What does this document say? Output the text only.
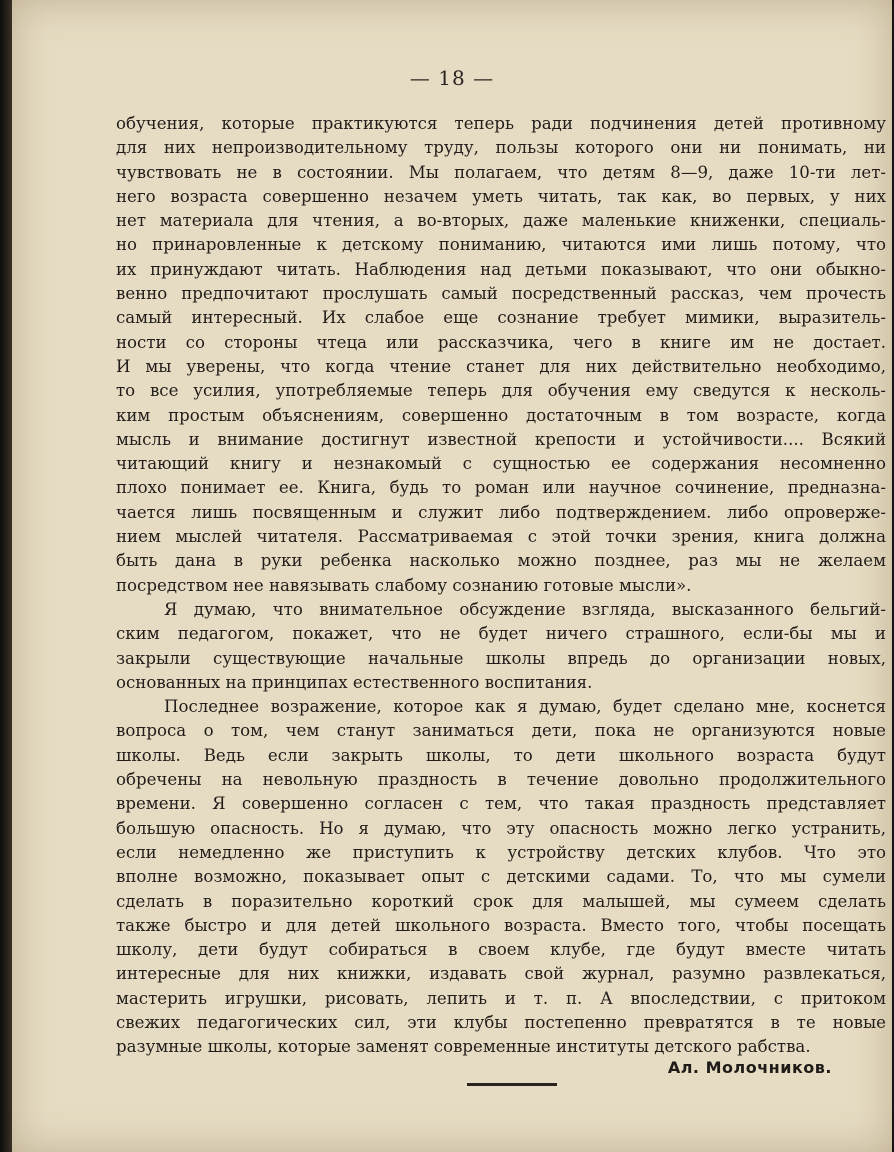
— 18 —
обучения, которые практикуются теперь ради подчинения детей противному
для них непроизводительному труду, пользы которого они ни понимать, ни
чувствовать не в состоянии. Мы полагаем, что детям 8—9, даже 10-ти лет-
него возраста совершенно незачем уметь читать, так как, во первых, у них
нет материала для чтения, а во-вторых, даже маленькие книженки, специаль-
но принаровленные к детскому пониманию, читаются ими лишь потому, что
их принуждают читать. Наблюдения над детьми показывают, что они обыкно-
венно предпочитают прослушать самый посредственный рассказ, чем прочесть
самый интересный. Их слабое еще сознание требует мимики, выразитель-
ности со стороны чтеца или рассказчика, чего в книге им не достает.
И мы уверены, что когда чтение станет для них действительно необходимо,
то все усилия, употребляемые теперь для обучения ему сведутся к несколь-
ким простым объяснениям, совершенно достаточным в том возрасте, когда
мысль и внимание достигнут известной крепости и устойчивости.... Всякий
читающий книгу и незнакомый с сущностью ее содержания несомненно
плохо понимает ее. Книга, будь то роман или научное сочинение, предназна-
чается лишь посвященным и служит либо подтверждением. либо опроверже-
нием мыслей читателя. Рассматриваемая с этой точки зрения, книга должна
быть дана в руки ребенка насколько можно позднее, раз мы не желаем
посредством нее навязывать слабому сознанию готовые мысли».
Я думаю, что внимательное обсуждение взгляда, высказанного бельгий-
ским педагогом, покажет, что не будет ничего страшного, если-бы мы и
закрыли существующие начальные школы впредь до организации новых,
основанных на принципах естественного воспитания.
Последнее возражение, которое как я думаю, будет сделано мне, коснется
вопроса о том, чем станут заниматься дети, пока не организуются новые
школы. Ведь если закрыть школы, то дети школьного возраста будут
обречены на невольную праздность в течение довольно продолжительного
времени. Я совершенно согласен с тем, что такая праздность представляет
большую опасность. Но я думаю, что эту опасность можно легко устранить,
если немедленно же приступить к устройству детских клубов. Что это
вполне возможно, показывает опыт с детскими садами. То, что мы сумели
сделать в поразительно короткий срок для малышей, мы сумеем сделать
также быстро и для детей школьного возраста. Вместо того, чтобы посещать
школу, дети будут собираться в своем клубе, где будут вместе читать
интересные для них книжки, издавать свой журнал, разумно развлекаться,
мастерить игрушки, рисовать, лепить и т. п. А впоследствии, с притоком
свежих педагогических сил, эти клубы постепенно превратятся в те новые
разумные школы, которые заменят современные институты детского рабства.
Ал. Молочников.
